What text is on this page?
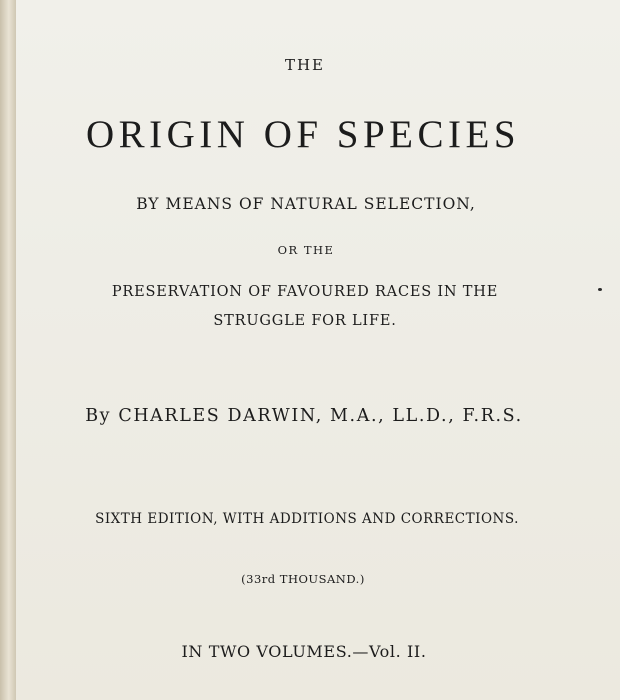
THE
ORIGIN OF SPECIES
BY MEANS OF NATURAL SELECTION,
OR THE
PRESERVATION OF FAVOURED RACES IN THE
STRUGGLE FOR LIFE.
By CHARLES DARWIN, M.A., LL.D., F.R.S.
SIXTH EDITION, WITH ADDITIONS AND CORRECTIONS.
(33rd THOUSAND.)
IN TWO VOLUMES.—Vol. II.
